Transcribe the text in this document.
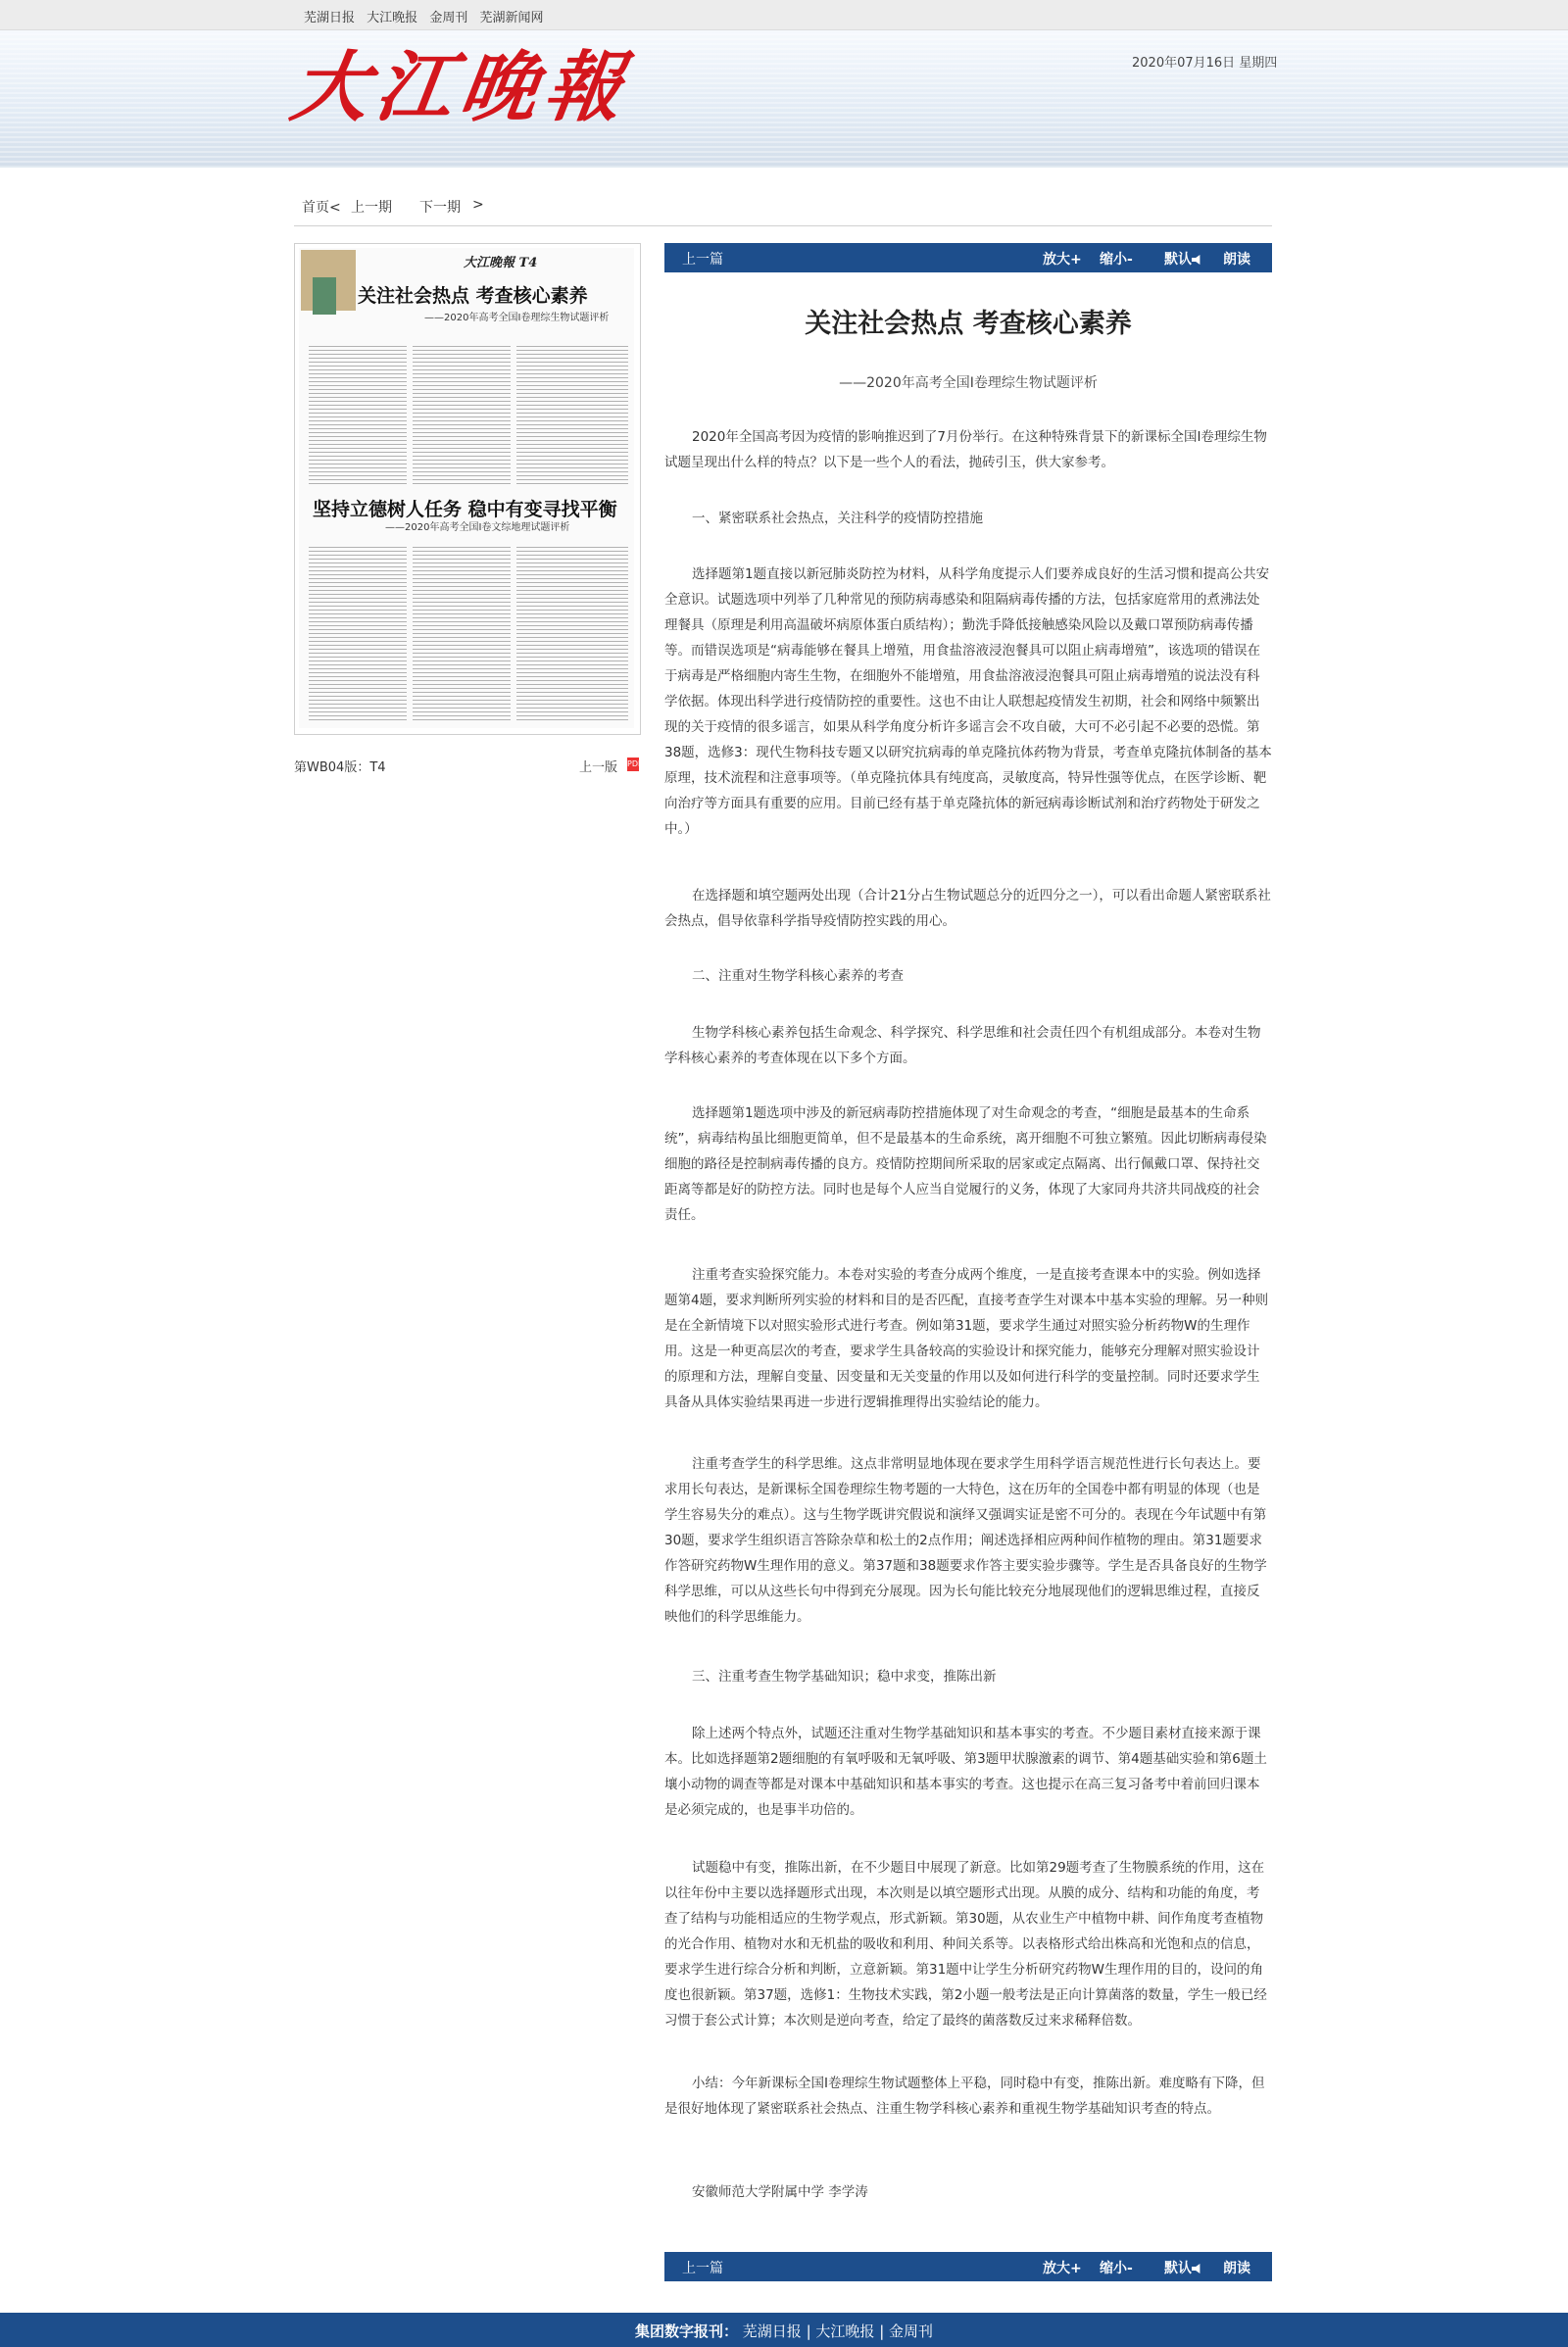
芜湖日报 大江晚报 金周刊 芜湖新闻网
大江晚報	2020年07月16日 星期四
首页< 上一期 下一期 >
大江晚報 T4
关注社会热点 考查核心素养
——2020年高考全国Ⅰ卷理综生物试题评析
坚持立德树人任务 稳中有变寻找平衡
——2020年高考全国Ⅰ卷文综地理试题评析
第WB04版：T4	上一版 PDF
上一篇	放大+ 缩小- 默认	朗读
关注社会热点 考查核心素养
——2020年高考全国Ⅰ卷理综生物试题评析

2020年全国高考因为疫情的影响推迟到了7月份举行。在这种特殊背景下的新课标全国Ⅰ卷理综生物试题呈现出什么样的特点？以下是一些个人的看法，抛砖引玉，供大家参考。

一、紧密联系社会热点，关注科学的疫情防控措施

选择题第1题直接以新冠肺炎防控为材料，从科学角度提示人们要养成良好的生活习惯和提高公共安全意识。试题选项中列举了几种常见的预防病毒感染和阻隔病毒传播的方法，包括家庭常用的煮沸法处理餐具（原理是利用高温破坏病原体蛋白质结构）；勤洗手降低接触感染风险以及戴口罩预防病毒传播等。而错误选项是“病毒能够在餐具上增殖，用食盐溶液浸泡餐具可以阻止病毒增殖”，该选项的错误在于病毒是严格细胞内寄生生物，在细胞外不能增殖，用食盐溶液浸泡餐具可阻止病毒增殖的说法没有科学依据。体现出科学进行疫情防控的重要性。这也不由让人联想起疫情发生初期，社会和网络中频繁出现的关于疫情的很多谣言，如果从科学角度分析许多谣言会不攻自破，大可不必引起不必要的恐慌。第38题，选修3：现代生物科技专题又以研究抗病毒的单克隆抗体药物为背景，考查单克隆抗体制备的基本原理，技术流程和注意事项等。（单克隆抗体具有纯度高，灵敏度高，特异性强等优点，在医学诊断、靶向治疗等方面具有重要的应用。目前已经有基于单克隆抗体的新冠病毒诊断试剂和治疗药物处于研发之中。）

在选择题和填空题两处出现（合计21分占生物试题总分的近四分之一），可以看出命题人紧密联系社会热点，倡导依靠科学指导疫情防控实践的用心。

二、注重对生物学科核心素养的考查

生物学科核心素养包括生命观念、科学探究、科学思维和社会责任四个有机组成部分。本卷对生物学科核心素养的考查体现在以下多个方面。

选择题第1题选项中涉及的新冠病毒防控措施体现了对生命观念的考查，“细胞是最基本的生命系统”，病毒结构虽比细胞更简单，但不是最基本的生命系统，离开细胞不可独立繁殖。因此切断病毒侵染细胞的路径是控制病毒传播的良方。疫情防控期间所采取的居家或定点隔离、出行佩戴口罩、保持社交距离等都是好的防控方法。同时也是每个人应当自觉履行的义务，体现了大家同舟共济共同战疫的社会责任。

注重考查实验探究能力。本卷对实验的考查分成两个维度，一是直接考查课本中的实验。例如选择题第4题，要求判断所列实验的材料和目的是否匹配，直接考查学生对课本中基本实验的理解。另一种则是在全新情境下以对照实验形式进行考查。例如第31题，要求学生通过对照实验分析药物W的生理作用。这是一种更高层次的考查，要求学生具备较高的实验设计和探究能力，能够充分理解对照实验设计的原理和方法，理解自变量、因变量和无关变量的作用以及如何进行科学的变量控制。同时还要求学生具备从具体实验结果再进一步进行逻辑推理得出实验结论的能力。

注重考查学生的科学思维。这点非常明显地体现在要求学生用科学语言规范性进行长句表达上。要求用长句表达，是新课标全国卷理综生物考题的一大特色，这在历年的全国卷中都有明显的体现（也是学生容易失分的难点）。这与生物学既讲究假说和演绎又强调实证是密不可分的。表现在今年试题中有第30题，要求学生组织语言答除杂草和松土的2点作用；阐述选择相应两种间作植物的理由。第31题要求作答研究药物W生理作用的意义。第37题和38题要求作答主要实验步骤等。学生是否具备良好的生物学科学思维，可以从这些长句中得到充分展现。因为长句能比较充分地展现他们的逻辑思维过程，直接反映他们的科学思维能力。

三、注重考查生物学基础知识；稳中求变，推陈出新

除上述两个特点外，试题还注重对生物学基础知识和基本事实的考查。不少题目素材直接来源于课本。比如选择题第2题细胞的有氧呼吸和无氧呼吸、第3题甲状腺激素的调节、第4题基础实验和第6题土壤小动物的调查等都是对课本中基础知识和基本事实的考查。这也提示在高三复习备考中着前回归课本是必须完成的，也是事半功倍的。

试题稳中有变，推陈出新，在不少题目中展现了新意。比如第29题考查了生物膜系统的作用，这在以往年份中主要以选择题形式出现，本次则是以填空题形式出现。从膜的成分、结构和功能的角度，考查了结构与功能相适应的生物学观点，形式新颖。第30题，从农业生产中植物中耕、间作角度考查植物的光合作用、植物对水和无机盐的吸收和利用、种间关系等。以表格形式给出株高和光饱和点的信息，要求学生进行综合分析和判断，立意新颖。第31题中让学生分析研究药物W生理作用的目的，设问的角度也很新颖。第37题，选修1：生物技术实践，第2小题一般考法是正向计算菌落的数量，学生一般已经习惯于套公式计算；本次则是逆向考查，给定了最终的菌落数反过来求稀释倍数。

小结：今年新课标全国Ⅰ卷理综生物试题整体上平稳，同时稳中有变，推陈出新。难度略有下降，但是很好地体现了紧密联系社会热点、注重生物学科核心素养和重视生物学基础知识考查的特点。

安徽师范大学附属中学 李学涛

上一篇	放大+ 缩小- 默认	朗读
集团数字报刊： 芜湖日报 | 大江晚报 | 金周刊
